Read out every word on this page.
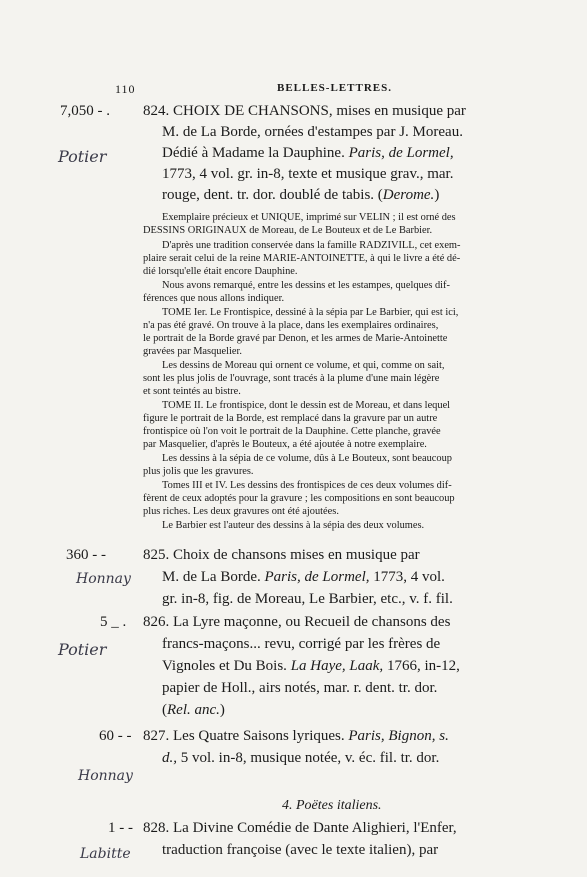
110	BELLES-LETTRES.
7,050 - .
Potier

824. CHOIX DE CHANSONS, mises en musique par

M. de La Borde, ornées d'estampes par J. Moreau.

Dédié à Madame la Dauphine. Paris, de Lormel,

1773, 4 vol. gr. in-8, texte et musique grav., mar.

rouge, dent. tr. dor. doublé de tabis. (Derome.)

Exemplaire précieux et UNIQUE, imprimé sur VELIN ; il est orné des

DESSINS ORIGINAUX de Moreau, de Le Bouteux et de Le Barbier.

D'après une tradition conservée dans la famille RADZIVILL, cet exem-

plaire serait celui de la reine MARIE-ANTOINETTE, à qui le livre a été dé-

dié lorsqu'elle était encore Dauphine.

Nous avons remarqué, entre les dessins et les estampes, quelques dif-

férences que nous allons indiquer.

TOME Ier. Le Frontispice, dessiné à la sépia par Le Barbier, qui est ici,

n'a pas été gravé. On trouve à la place, dans les exemplaires ordinaires,

le portrait de la Borde gravé par Denon, et les armes de Marie-Antoinette

gravées par Masquelier.

Les dessins de Moreau qui ornent ce volume, et qui, comme on sait,

sont les plus jolis de l'ouvrage, sont tracés à la plume d'une main légère

et sont teintés au bistre.

TOME II. Le frontispice, dont le dessin est de Moreau, et dans lequel

figure le portrait de la Borde, est remplacé dans la gravure par un autre

frontispice où l'on voit le portrait de la Dauphine. Cette planche, gravée

par Masquelier, d'après le Bouteux, a été ajoutée à notre exemplaire.

Les dessins à la sépia de ce volume, dûs à Le Bouteux, sont beaucoup

plus jolis que les gravures.

Tomes III et IV. Les dessins des frontispices de ces deux volumes dif-

fèrent de ceux adoptés pour la gravure ; les compositions en sont beaucoup

plus riches. Les deux gravures ont été ajoutées.

Le Barbier est l'auteur des dessins à la sépia des deux volumes.

360 - -
Honnay

825. Choix de chansons mises en musique par

M. de La Borde. Paris, de Lormel, 1773, 4 vol.

gr. in-8, fig. de Moreau, Le Barbier, etc., v. f. fil.

5 _ .
Potier

826. La Lyre maçonne, ou Recueil de chansons des

francs-maçons... revu, corrigé par les frères de

Vignoles et Du Bois. La Haye, Laak, 1766, in-12,

papier de Holl., airs notés, mar. r. dent. tr. dor.

(Rel. anc.)

60 - -
Honnay

827. Les Quatre Saisons lyriques. Paris, Bignon, s.

d., 5 vol. in-8, musique notée, v. éc. fil. tr. dor.

4. Poëtes italiens.

1 - -
Labitte

828. La Divine Comédie de Dante Alighieri, l'Enfer,

traduction françoise (avec le texte italien), par
